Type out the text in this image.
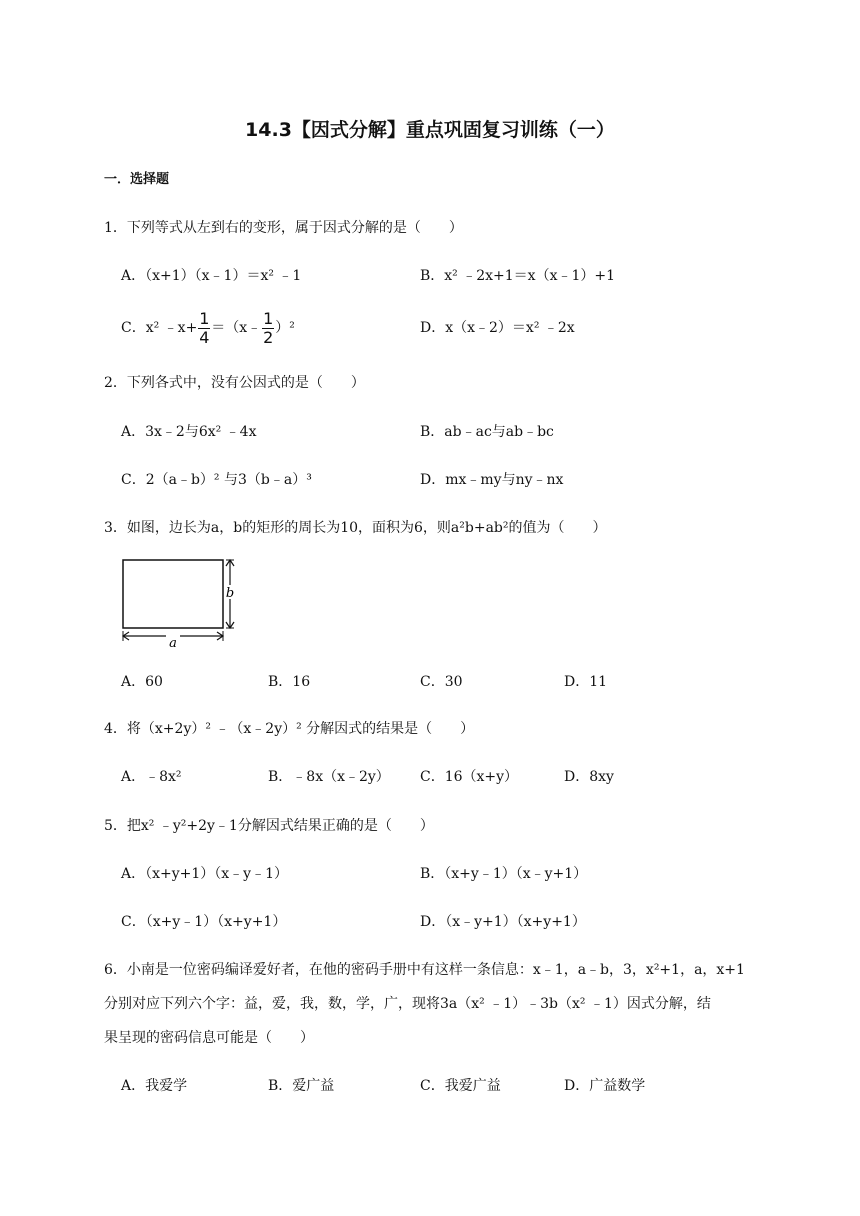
14.3【因式分解】重点巩固复习训练（一）
一．选择题
1．下列等式从左到右的变形，属于因式分解的是（　　）
A．（x+1）（x﹣1）＝x² ﹣1	B．x² ﹣2x+1＝x（x﹣1）+1
C．x² ﹣x+ $\frac{1}{4}$ ＝（x﹣ $\frac{1}{2} )^2$	D．x（x﹣2）＝x² ﹣2x
2．下列各式中，没有公因式的是（　　）
A．3x﹣2与6x² ﹣4x	B．ab﹣ac与ab﹣bc
C．2（a﹣b）² 与3（b﹣a）³	D．mx﹣my与ny﹣nx
3．如图，边长为a，b的矩形的周长为10，面积为6，则a²b+ab²的值为（　　）
b
a
A．60	B．16	C．30	D．11
4．将（x+2y）² ﹣（x﹣2y）² 分解因式的结果是（　　）
A．﹣8x²	B．﹣8x（x﹣2y） C．16（x+y）	D．8xy
5．把x² ﹣y²+2y﹣1分解因式结果正确的是（　　）
A．（x+y+1）（x﹣y﹣1）	B．（x+y﹣1）（x﹣y+1）
C．（x+y﹣1）（x+y+1）	D．（x﹣y+1）（x+y+1）
6．小南是一位密码编译爱好者，在他的密码手册中有这样一条信息：x﹣1，a﹣b，3，x²+1，a，x+1
分别对应下列六个字：益，爱，我，数，学，广，现将3a（x² ﹣1）﹣3b（x² ﹣1）因式分解，结
果呈现的密码信息可能是（　　）
A．我爱学	B．爱广益	C．我爱广益	D．广益数学
